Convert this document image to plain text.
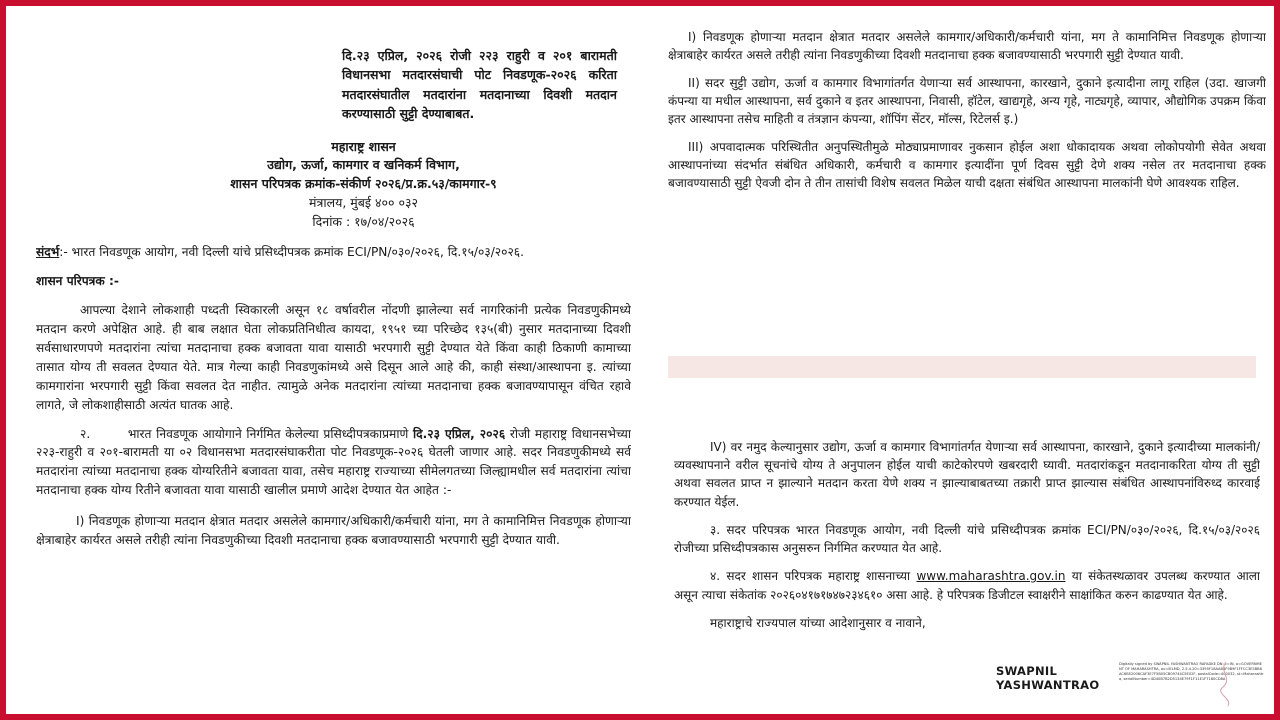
दि.२३ एप्रिल, २०२६ रोजी २२३ राहुरी व २०१ बारामती विधानसभा मतदारसंघाची पोट निवडणूक-२०२६ करिता मतदारसंघातील मतदारांना मतदानाच्या दिवशी मतदान करण्यासाठी सुट्टी देण्याबाबत.
महाराष्ट्र शासन
उद्योग, ऊर्जा, कामगार व खनिकर्म विभाग,
शासन परिपत्रक क्रमांक-संकीर्ण २०२६/प्र.क्र.५३/कामगार-९
मंत्रालय, मुंबई ४०० ०३२
दिनांक : १७/०४/२०२६
संदर्भ:- भारत निवडणूक आयोग, नवी दिल्ली यांचे प्रसिध्दीपत्रक क्रमांक ECI/PN/०३०/२०२६, दि.१५/०३/२०२६.
शासन परिपत्रक :-

आपल्या देशाने लोकशाही पध्दती स्विकारली असून १८ वर्षावरील नोंदणी झालेल्या सर्व नागरिकांनी प्रत्येक निवडणुकीमध्ये मतदान करणे अपेक्षित आहे. ही बाब लक्षात घेता लोकप्रतिनिधीत्व कायदा, १९५१ च्या परिच्छेद १३५(बी) नुसार मतदानाच्या दिवशी सर्वसाधारणपणे मतदारांना त्यांचा मतदानाचा हक्क बजावता यावा यासाठी भरपगारी सुट्टी देण्यात येते किंवा काही ठिकाणी कामाच्या तासात योग्य ती सवलत देण्यात येते. मात्र गेल्या काही निवडणुकांमध्ये असे दिसून आले आहे की, काही संस्था/आस्थापना इ. त्यांच्या कामगारांना भरपगारी सुट्टी किंवा सवलत देत नाहीत. त्यामुळे अनेक मतदारांना त्यांच्या मतदानाचा हक्क बजावण्यापासून वंचित रहावे लागते, जे लोकशाहीसाठी अत्यंत घातक आहे.

२.	भारत निवडणूक आयोगाने निर्गमित केलेल्या प्रसिध्दीपत्रकाप्रमाणे दि.२३ एप्रिल, २०२६ रोजी महाराष्ट्र विधानसभेच्या २२३-राहुरी व २०१-बारामती या ०२ विधानसभा मतदारसंघाकरीता पोट निवडणूक-२०२६ घेतली जाणार आहे. सदर निवडणुकीमध्ये सर्व मतदारांना त्यांच्या मतदानाचा हक्क योग्यरितीने बजावता यावा, तसेच महाराष्ट्र राज्याच्या सीमेलगतच्या जिल्ह्यामधील सर्व मतदारांना त्यांचा मतदानाचा हक्क योग्य रितीने बजावता यावा यासाठी खालील प्रमाणे आदेश देण्यात येत आहेत :-

I) निवडणूक होणाऱ्या मतदान क्षेत्रात मतदार असलेले कामगार/अधिकारी/कर्मचारी यांना, मग ते कामानिमित्त निवडणूक होणाऱ्या क्षेत्राबाहेर कार्यरत असले तरीही त्यांना निवडणुकीच्या दिवशी मतदानाचा हक्क बजावण्यासाठी भरपगारी सुट्टी देण्यात यावी.

I) निवडणूक होणाऱ्या मतदान क्षेत्रात मतदार असलेले कामगार/अधिकारी/कर्मचारी यांना, मग ते कामानिमित्त निवडणूक होणाऱ्या क्षेत्राबाहेर कार्यरत असले तरीही त्यांना निवडणुकीच्या दिवशी मतदानाचा हक्क बजावण्यासाठी भरपगारी सुट्टी देण्यात यावी.

II) सदर सुट्टी उद्योग, ऊर्जा व कामगार विभागांतर्गत येणाऱ्या सर्व आस्थापना, कारखाने, दुकाने इत्यादीना लागू राहिल (उदा. खाजगी कंपन्या या मधील आस्थापना, सर्व दुकाने व इतर आस्थापना, निवासी, हॉटेल, खाद्यगृहे, अन्य गृहे, नाट्यगृहे, व्यापार, औद्योगिक उपक्रम किंवा इतर आस्थापना तसेच माहिती व तंत्रज्ञान कंपन्या, शॉपिंग सेंटर, मॉल्स, रिटेलर्स इ.)

III) अपवादात्मक परिस्थितीत अनुपस्थितीमुळे मोठ्याप्रमाणावर नुकसान होईल अशा धोकादायक अथवा लोकोपयोगी सेवेत अथवा आस्थापनांच्या संदर्भात संबंधित अधिकारी, कर्मचारी व कामगार इत्यादींना पूर्ण दिवस सुट्टी देणे शक्य नसेल तर मतदानाचा हक्क बजावण्यासाठी सुट्टी ऐवजी दोन ते तीन तासांची विशेष सवलत मिळेल याची दक्षता संबंधित आस्थापना मालकांनी घेणे आवश्यक राहिल.

IV) वर नमुद केल्यानुसार उद्योग, ऊर्जा व कामगार विभागांतर्गत येणाऱ्या सर्व आस्थापना, कारखाने, दुकाने इत्यादीच्या मालकांनी/ व्यवस्थापनाने वरील सूचनांचे योग्य ते अनुपालन होईल याची काटेकोरपणे खबरदारी घ्यावी. मतदारांकडून मतदानाकरिता योग्य ती सुट्टी अथवा सवलत प्राप्त न झाल्याने मतदान करता येणे शक्य न झाल्याबाबतच्या तक्रारी प्राप्त झाल्यास संबंधित आस्थापनांविरुध्द कारवाई करण्यात येईल.

३. सदर परिपत्रक भारत निवडणूक आयोग, नवी दिल्ली यांचे प्रसिध्दीपत्रक क्रमांक ECI/PN/०३०/२०२६, दि.१५/०३/२०२६ रोजीच्या प्रसिध्दीपत्रकास अनुसरुन निर्गमित करण्यात येत आहे.

४. सदर शासन परिपत्रक महाराष्ट्र शासनाच्या www.maharashtra.gov.in या संकेतस्थळावर उपलब्ध करण्यात आला असून त्याचा संकेतांक २०२६०४१७१७४७२३४६१० असा आहे. हे परिपत्रक डिजीटल स्वाक्षरीने साक्षांकित करुन काढण्यात येत आहे.

महाराष्ट्राचे राज्यपाल यांच्या आदेशानुसार व नावाने,

SWAPNIL
YASHWANTRAO
Digitally signed by SWAPNIL YASHWANTRAO RAFADKE DN: c=IN, o=GOVERNMENT OF MAHARASHTRA, ou=IELMD, 2.5.4.20=3395F18AAB8F9B9F1FFCC3E5BB8AC6B52006CAF3E7F5B05CB09744C5E02F, postalCode=400032, st=Maharashtra, serialNumber=4D40B7B2D5134E79F1F11E1F7180CD8A
